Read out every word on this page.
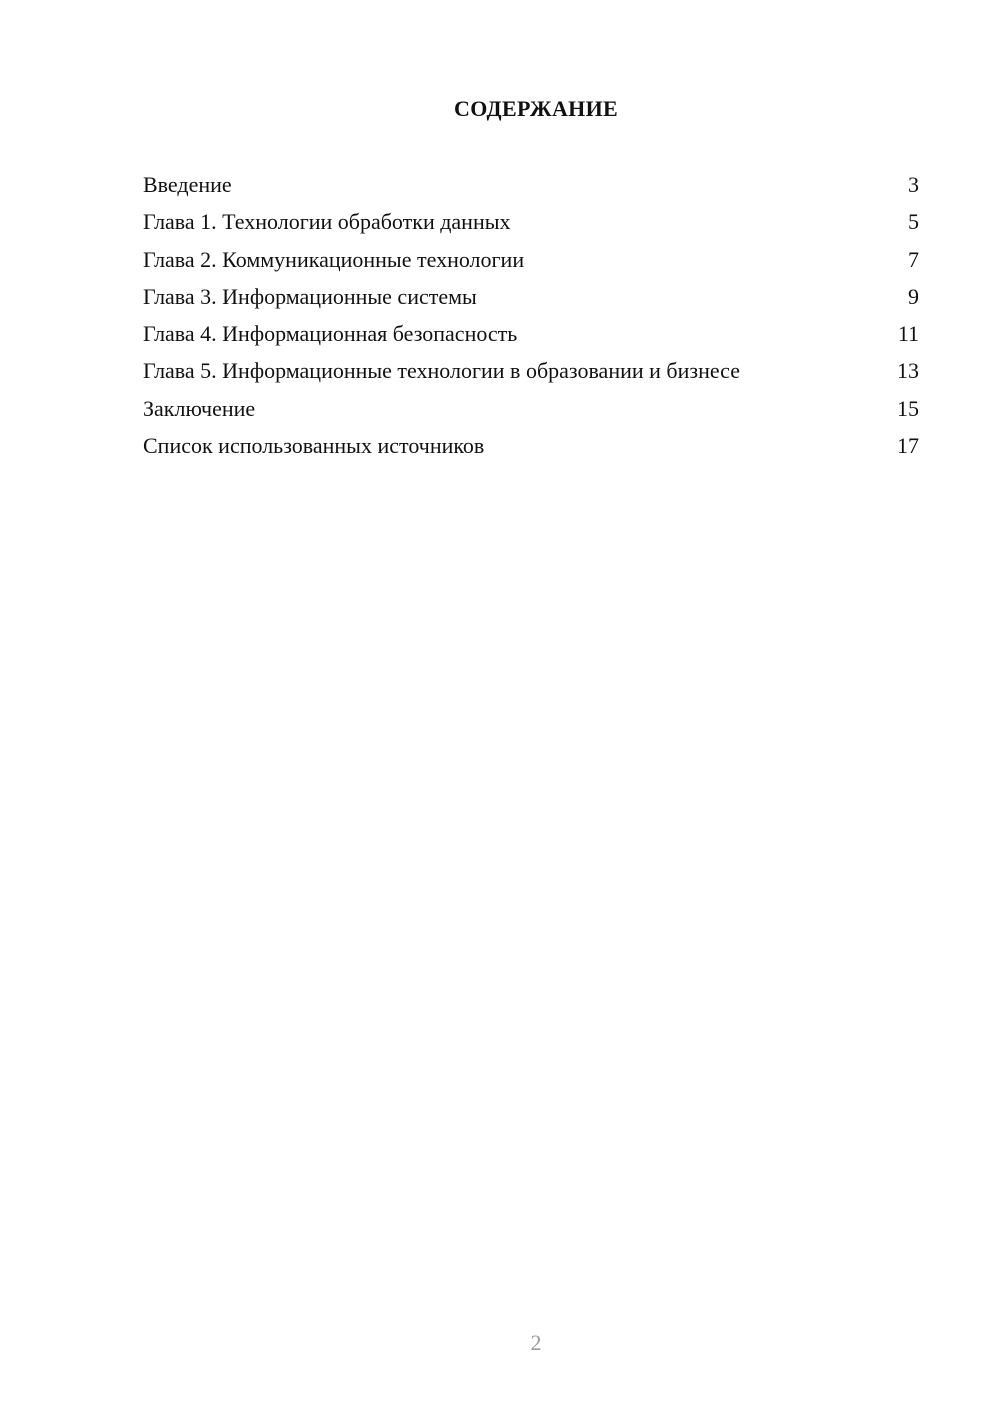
СОДЕРЖАНИЕ
Введение	3
Глава 1. Технологии обработки данных	5
Глава 2. Коммуникационные технологии	7
Глава 3. Информационные системы	9
Глава 4. Информационная безопасность	11
Глава 5. Информационные технологии в образовании и бизнесе	13
Заключение	15
Список использованных источников	17
2
